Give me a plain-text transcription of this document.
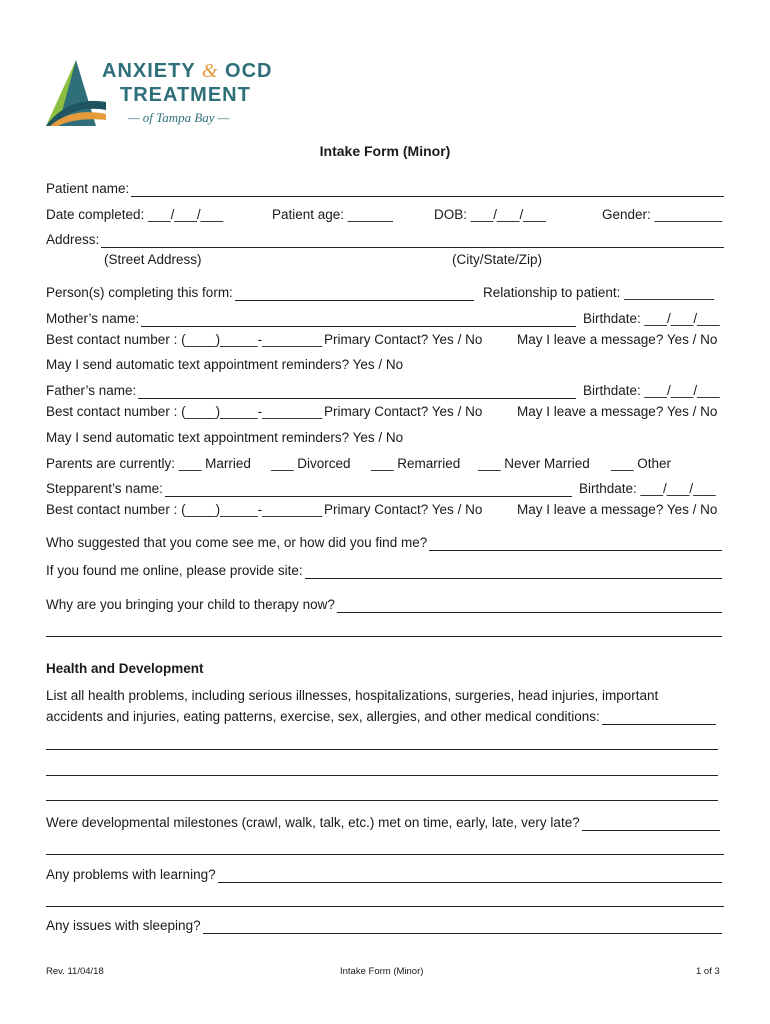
ANXIETY & OCD
TREATMENT
— of Tampa Bay —
Intake Form (Minor)
Patient name:
Date completed: ___/___/___	Patient age: ______	DOB: ___/___/___	Gender: _________
Address:
(Street Address)	(City/State/Zip)
Person(s) completing this form:	Relationship to patient: ____________
Mother’s name:	Birthdate: ___/___/___
Best contact number : (____)_____-________ Primary Contact? Yes / No	May I leave a message? Yes / No
May I send automatic text appointment reminders? Yes / No
Father’s name:	Birthdate: ___/___/___
Best contact number : (____)_____-________ Primary Contact? Yes / No	May I leave a message? Yes / No
May I send automatic text appointment reminders? Yes / No
Parents are currently: ___ Married ___ Divorced ___ Remarried ___ Never Married ___ Other
Stepparent’s name:	Birthdate: ___/___/___
Best contact number : (____)_____-________ Primary Contact? Yes / No	May I leave a message? Yes / No
Who suggested that you come see me, or how did you find me?
If you found me online, please provide site:
Why are you bringing your child to therapy now?
Health and Development
List all health problems, including serious illnesses, hospitalizations, surgeries, head injuries, important
accidents and injuries, eating patterns, exercise, sex, allergies, and other medical conditions:
Were developmental milestones (crawl, walk, talk, etc.) met on time, early, late, very late?
Any problems with learning?
Any issues with sleeping?
Rev. 11/04/18	Intake Form (Minor)	1 of 3
